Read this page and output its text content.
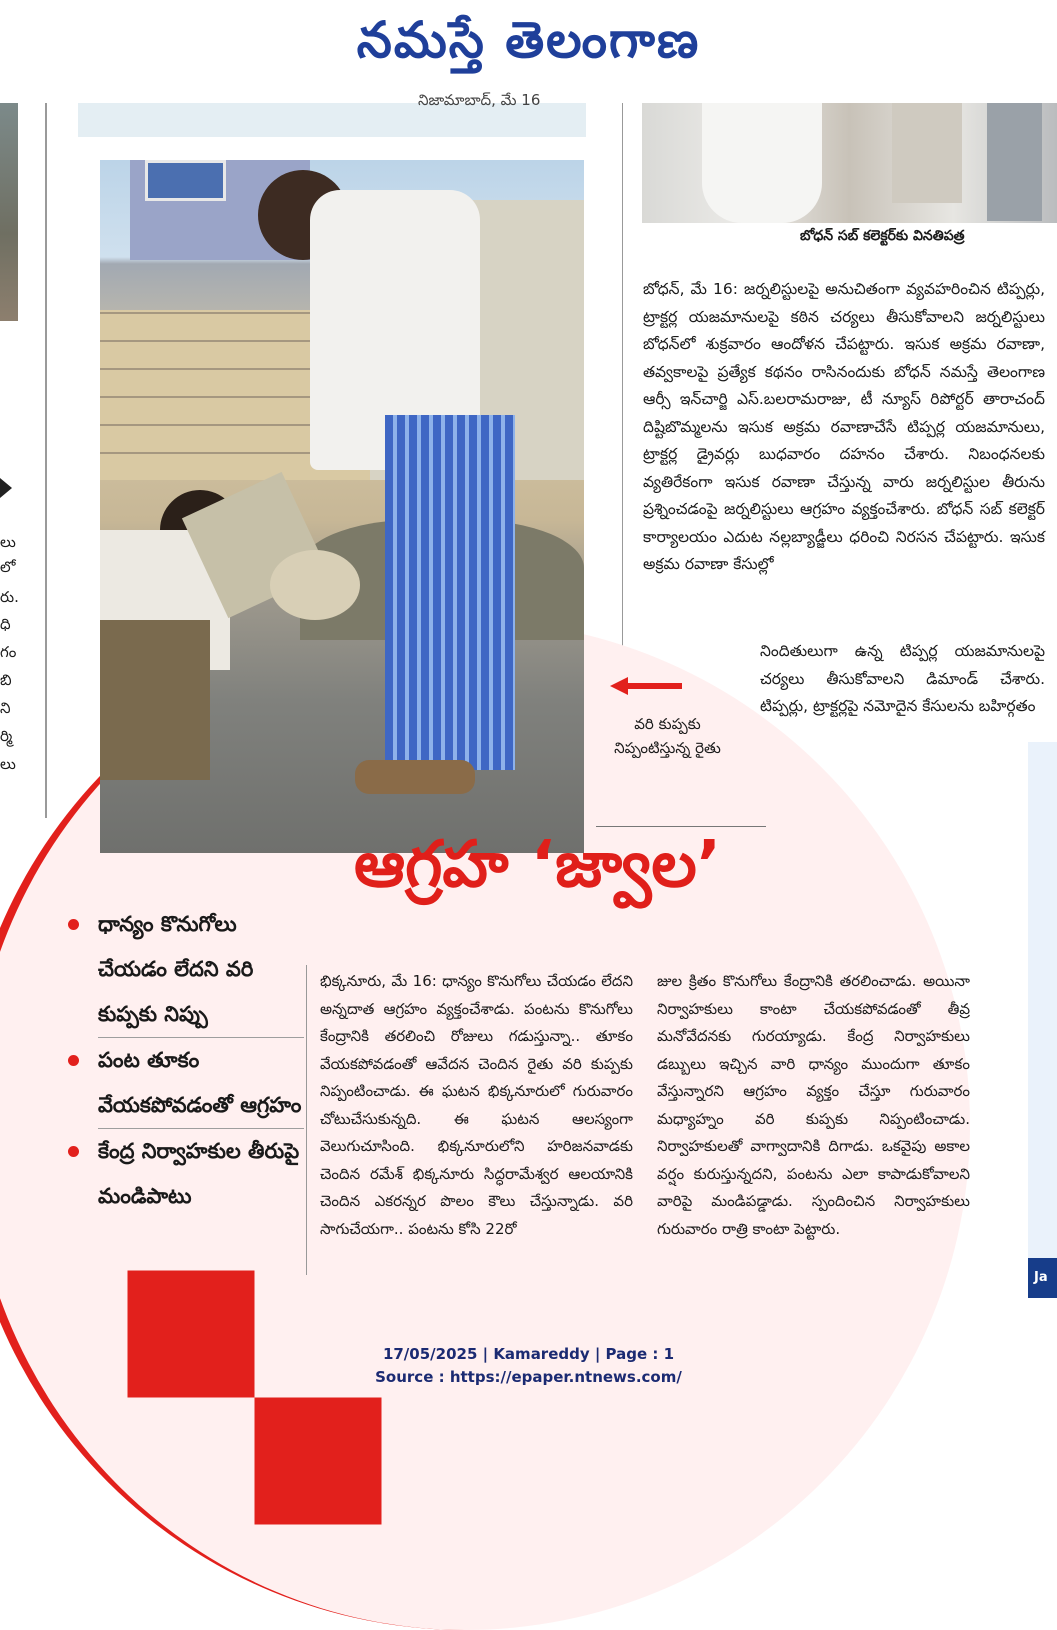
నమస్తే తెలంగాణ
లు
లో
రు.
ధి
గం
బి
ని
ర్మి
లు
నిజామాబాద్, మే 16
బోధన్ సబ్ కలెక్టర్‌కు వినతిపత్ర
బోధన్, మే 16: జర్నలిస్టులపై అనుచితంగా వ్యవహరించిన టిప్పర్లు, ట్రాక్టర్ల యజమానులపై కఠిన చర్యలు తీసుకోవాలని జర్నలిస్టులు బోధన్‌లో శుక్రవారం ఆందోళన చేపట్టారు. ఇసుక అక్రమ రవాణా, తవ్వకాలపై ప్రత్యేక కథనం రాసినందుకు బోధన్ నమస్తే తెలంగాణ ఆర్సీ ఇన్‌చార్జి ఎస్.బలరామరాజు, టీ న్యూస్ రిపోర్టర్ తారాచంద్ దిష్టిబొమ్మలను ఇసుక అక్రమ రవాణాచేసే టిప్పర్ల యజమానులు, ట్రాక్టర్ల డ్రైవర్లు బుధవారం దహనం చేశారు. నిబంధనలకు వ్యతిరేకంగా ఇసుక రవాణా చేస్తున్న వారు జర్నలిస్టుల తీరును ప్రశ్నించడంపై జర్నలిస్టులు ఆగ్రహం వ్యక్తంచేశారు. బోధన్ సబ్ కలెక్టర్ కార్యాలయం ఎదుట నల్లబ్యాడ్జీలు ధరించి నిరసన చేపట్టారు. ఇసుక అక్రమ రవాణా కేసుల్లో
Ja
నిందితులుగా ఉన్న టిప్పర్ల యజమానులపై చర్యలు తీసుకోవాలని డిమాండ్ చేశారు. టిప్పర్లు, ట్రాక్టర్లపై నమోదైన కేసులను బహిర్గతం
వరి కుప్పకు నిప్పంటిస్తున్న రైతు
ఆగ్రహ ‘జ్వాల’
ధాన్యం కొనుగోలు చేయడం లేదని వరి కుప్పకు నిప్పు
పంట తూకం వేయకపోవడంతో ఆగ్రహం
కేంద్ర నిర్వాహకుల తీరుపై మండిపాటు
భిక్కనూరు, మే 16: ధాన్యం కొనుగోలు చేయడం లేదని అన్నదాత ఆగ్రహం వ్యక్తంచేశాడు. పంటను కొనుగోలు కేంద్రానికి తరలించి రోజులు గడుస్తున్నా.. తూకం వేయకపోవడంతో ఆవేదన చెందిన రైతు వరి కుప్పకు నిప్పంటించాడు. ఈ ఘటన భిక్కనూరులో గురువారం చోటుచేసుకున్నది. ఈ ఘటన ఆలస్యంగా వెలుగుచూసింది. భిక్కనూరులోని హరిజనవాడకు చెందిన రమేశ్ భిక్కనూరు సిద్ధరామేశ్వర ఆలయానికి చెందిన ఎకరన్నర పొలం కౌలు చేస్తున్నాడు. వరి సాగుచేయగా.. పంటను కోసి 22రో
జుల క్రితం కొనుగోలు కేంద్రానికి తరలించాడు. అయినా నిర్వాహకులు కాంటా చేయకపోవడంతో తీవ్ర మనోవేదనకు గురయ్యాడు. కేంద్ర నిర్వాహకులు డబ్బులు ఇచ్చిన వారి ధాన్యం ముందుగా తూకం వేస్తున్నారని ఆగ్రహం వ్యక్తం చేస్తూ గురువారం మధ్యాహ్నం వరి కుప్పకు నిప్పంటించాడు. నిర్వాహకులతో వాగ్వాదానికి దిగాడు. ఒకవైపు అకాల వర్షం కురుస్తున్నదని, పంటను ఎలా కాపాడుకోవాలని వారిపై మండిపడ్డాడు. స్పందించిన నిర్వాహకులు గురువారం రాత్రి కాంటా పెట్టారు.
17/05/2025 | Kamareddy | Page : 1
Source : https://epaper.ntnews.com/
